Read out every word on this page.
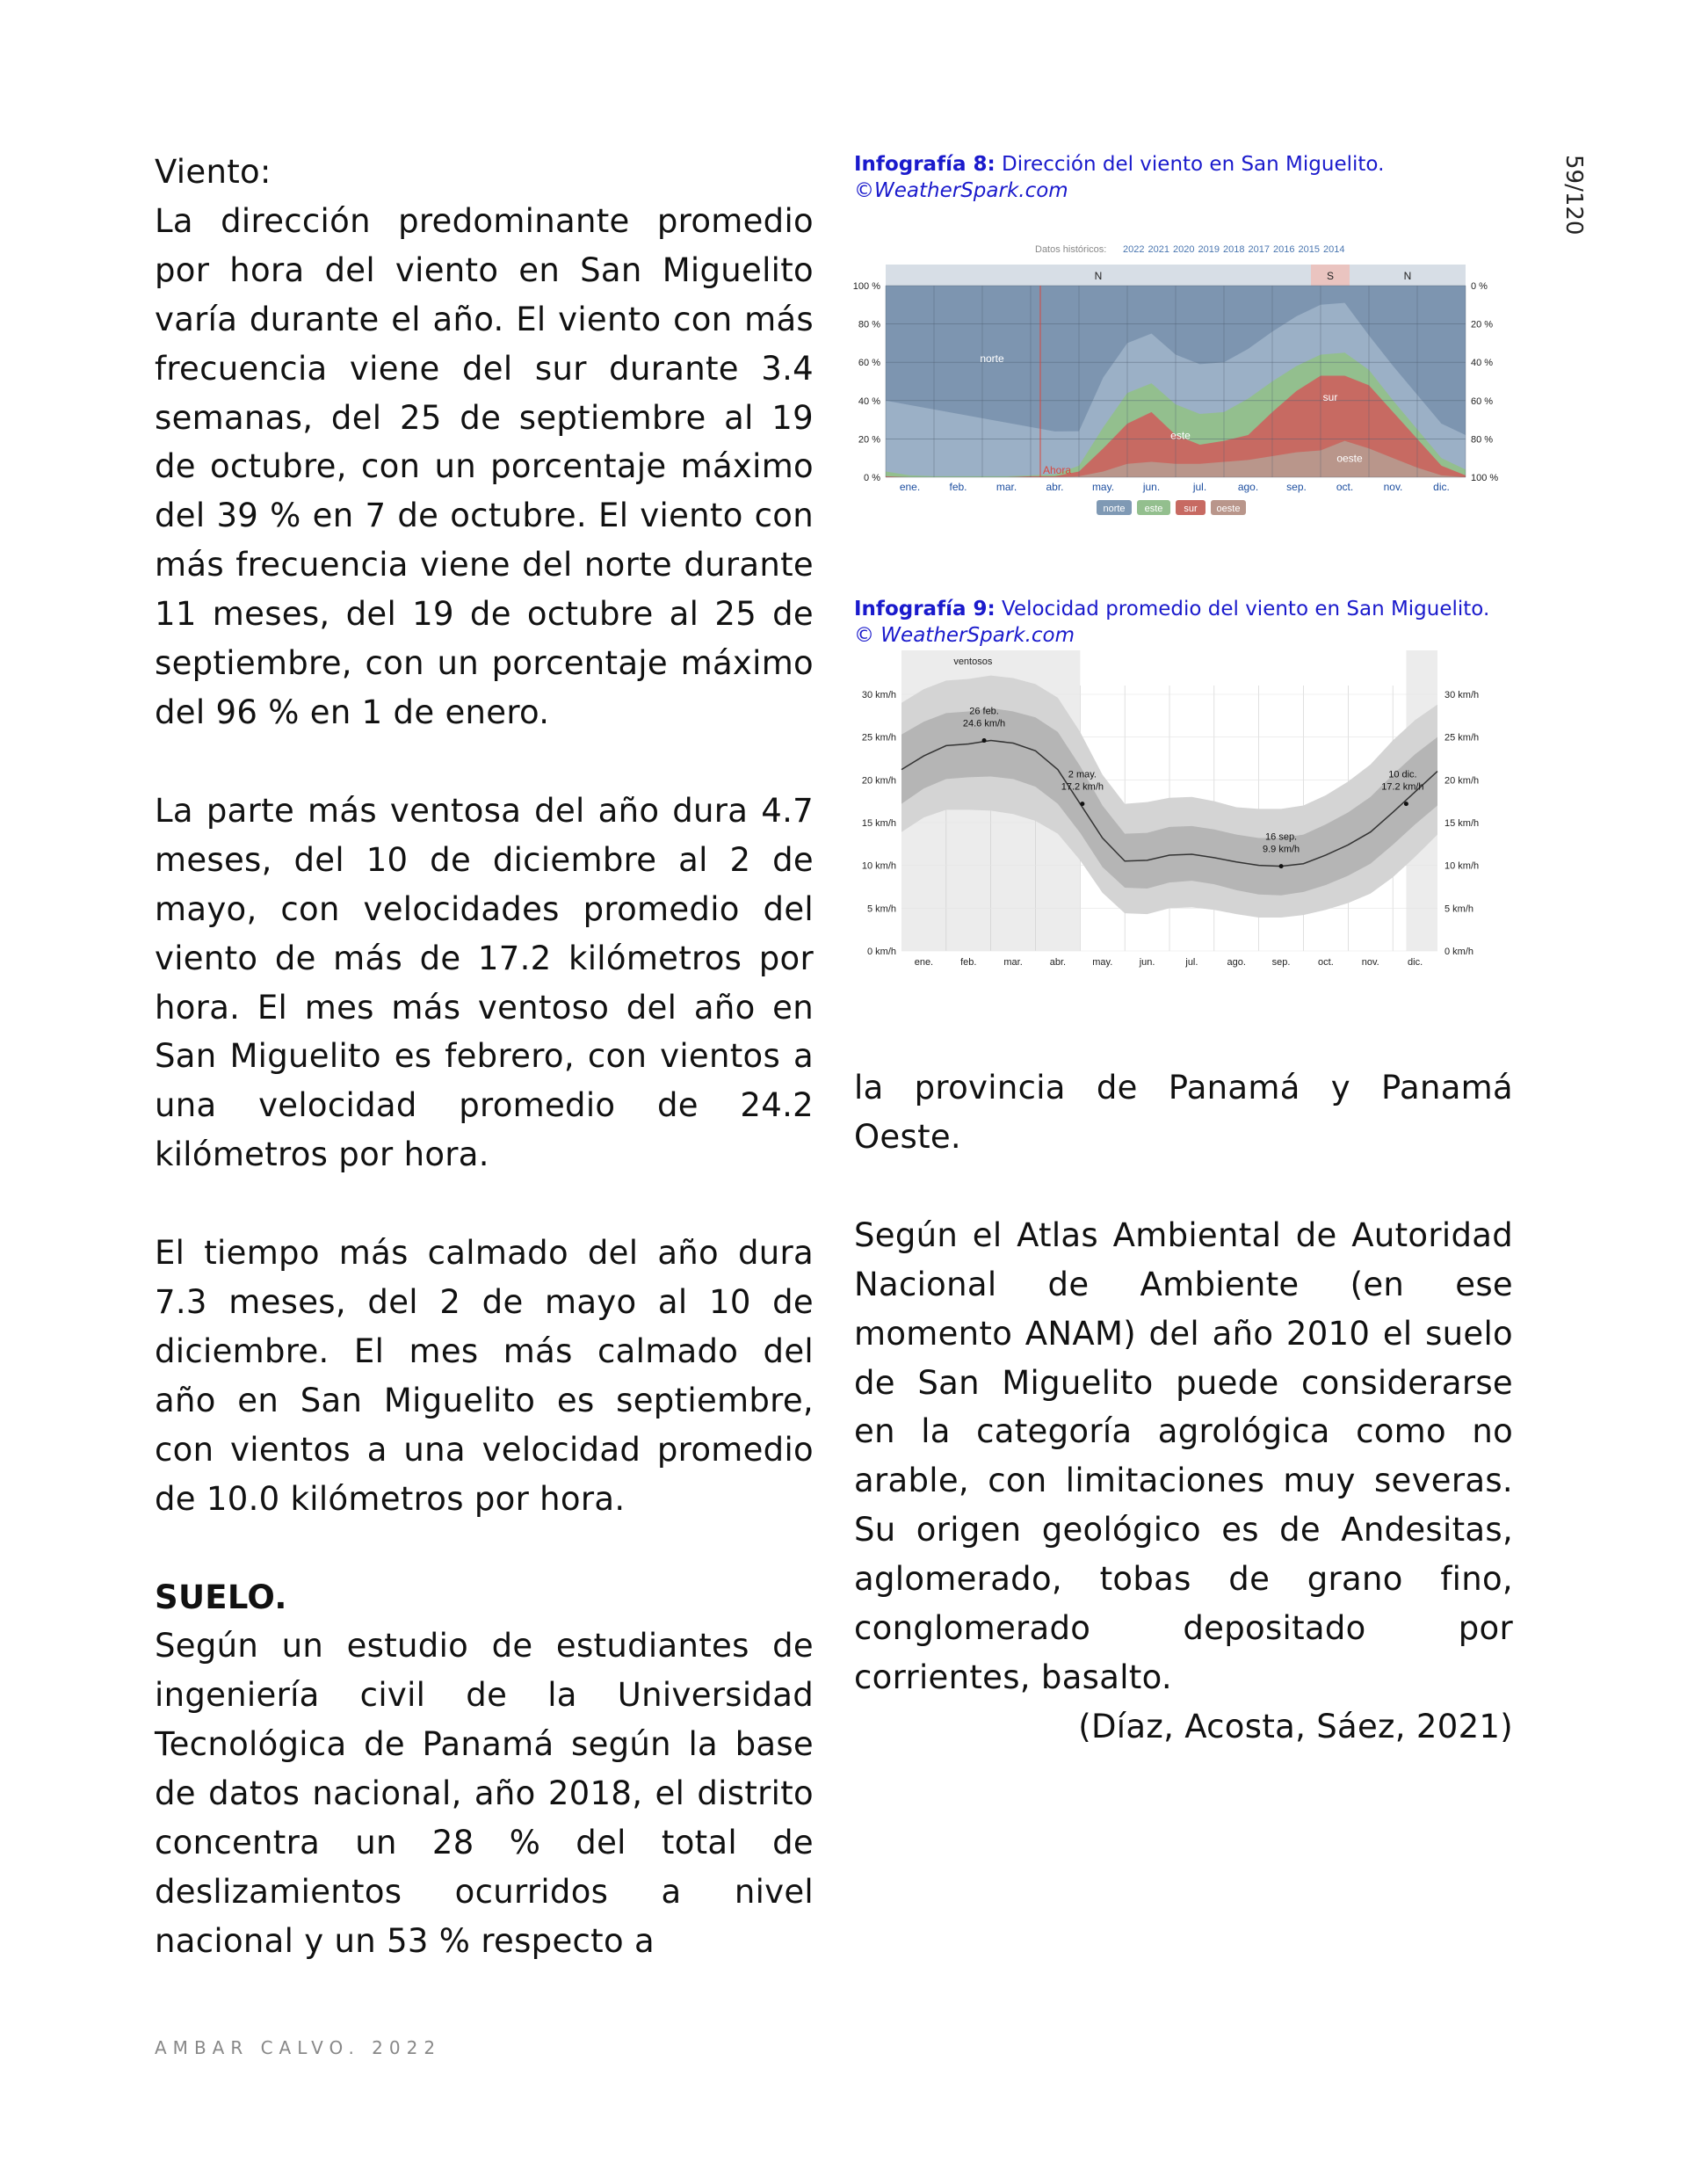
59/120

Viento:

La dirección predominante promedio por hora del viento en San Miguelito varía durante el año. El viento con más frecuencia viene del sur durante 3.4 semanas, del 25 de septiembre al 19 de octubre, con un porcentaje máximo del 39 % en 7 de octubre. El viento con más frecuencia viene del norte durante 11 meses, del 19 de octubre al 25 de septiembre, con un porcentaje máximo del 96 % en 1 de enero.

La parte más ventosa del año dura 4.7 meses, del 10 de diciembre al 2 de mayo, con velocidades promedio del viento de más de 17.2 kilómetros por hora. El mes más ventoso del año en San Miguelito es febrero, con vientos a una velocidad promedio de 24.2 kilómetros por hora.

El tiempo más calmado del año dura 7.3 meses, del 2 de mayo al 10 de diciembre. El mes más calmado del año en San Miguelito es septiembre, con vientos a una velocidad promedio de 10.0 kilómetros por hora.

SUELO.

Según un estudio de estudiantes de ingeniería civil de la Universidad Tecnológica de Panamá según la base de datos nacional, año 2018, el distrito concentra un 28 % del total de deslizamientos ocurridos a nivel nacional y un 53 % respecto a

Infografía 8: Dirección del viento en San Miguelito.
©WeatherSpark.com
Datos históricos: 2022 2021 2020 2019 2018 2017 2016 2015 2014
N	S	N
Ahora
0 %
20 %
40 %
60 %
80 %
100 %
100 %
80 %
60 %
40 %
20 %
0 %
ene.	feb.	mar.	abr.	may.	jun.	jul.	ago.	sep.	oct.	nov.	dic.
norte
este
sur
oeste
norte este sur oeste
Infografía 9: Velocidad promedio del viento en San Miguelito.
© WeatherSpark.com
ventosos
26 feb.
24.6 km/h
2 may.
17.2 km/h
16 sep.
9.9 km/h
10 dic.
17.2 km/h
0 km/h	0 km/h
5 km/h	5 km/h
10 km/h	10 km/h
15 km/h	15 km/h
20 km/h	20 km/h
25 km/h	25 km/h
30 km/h	30 km/h
ene.	feb.	mar.	abr.	may.	jun.	jul.	ago.	sep.	oct.	nov.	dic.

la provincia de Panamá y Panamá Oeste.

Según el Atlas Ambiental de Autoridad Nacional de Ambiente (en ese momento ANAM) del año 2010 el suelo de San Miguelito puede considerarse en la categoría agrológica como no arable, con limitaciones muy severas. Su origen geológico es de Andesitas, aglomerado, tobas de grano fino, conglomerado depositado por corrientes, basalto.

(Díaz, Acosta, Sáez, 2021)

AMBAR CALVO. 2022
